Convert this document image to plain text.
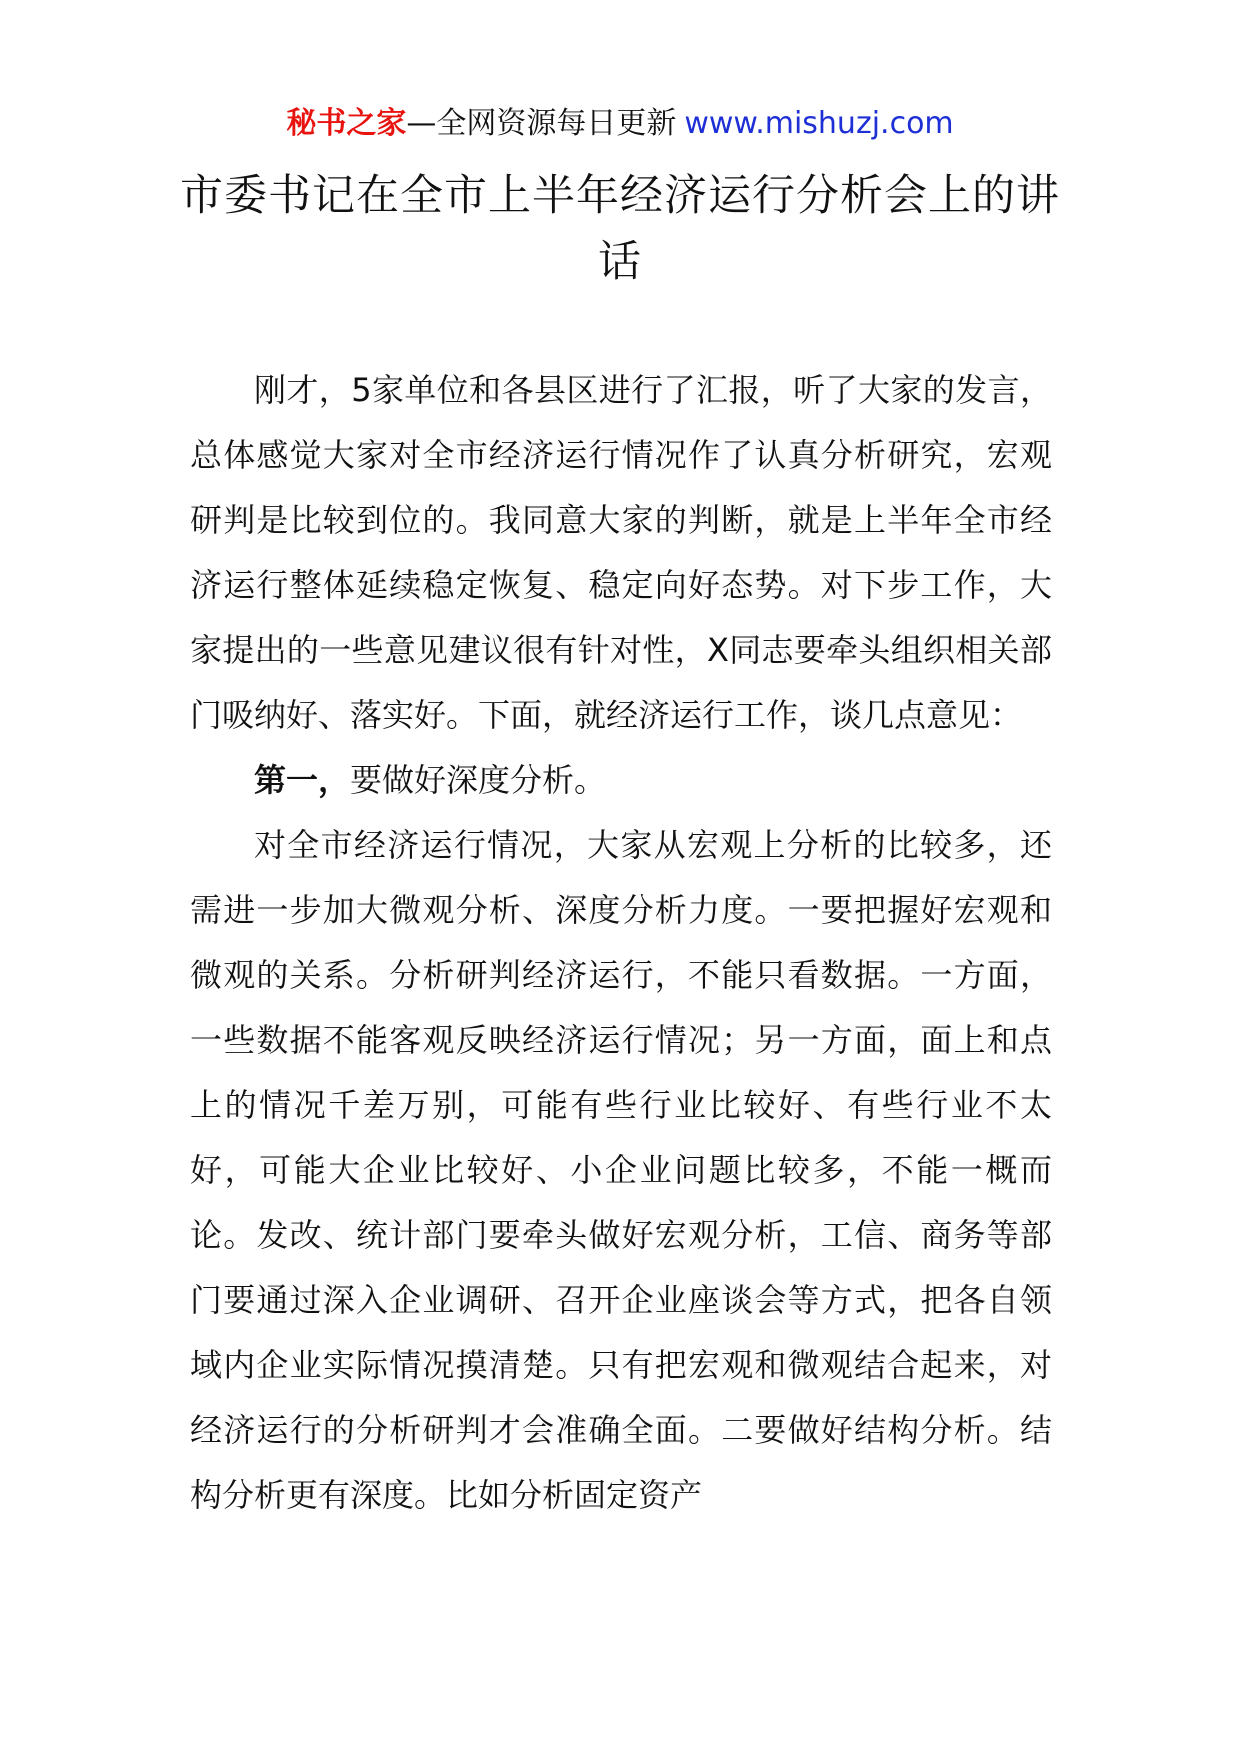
秘书之家—全网资源每日更新 www.mishuzj.com
市委书记在全市上半年经济运行分析会上的讲话

刚才，5家单位和各县区进行了汇报，听了大家的发言，总体感觉大家对全市经济运行情况作了认真分析研究，宏观研判是比较到位的。我同意大家的判断，就是上半年全市经济运行整体延续稳定恢复、稳定向好态势。对下步工作，大家提出的一些意见建议很有针对性，X同志要牵头组织相关部门吸纳好、落实好。下面，就经济运行工作，谈几点意见：

第一，要做好深度分析。

对全市经济运行情况，大家从宏观上分析的比较多，还需进一步加大微观分析、深度分析力度。一要把握好宏观和微观的关系。分析研判经济运行，不能只看数据。一方面，一些数据不能客观反映经济运行情况；另一方面，面上和点上的情况千差万别，可能有些行业比较好、有些行业不太好，可能大企业比较好、小企业问题比较多，不能一概而论。发改、统计部门要牵头做好宏观分析，工信、商务等部门要通过深入企业调研、召开企业座谈会等方式，把各自领域内企业实际情况摸清楚。只有把宏观和微观结合起来，对经济运行的分析研判才会准确全面。二要做好结构分析。结构分析更有深度。比如分析固定资产
